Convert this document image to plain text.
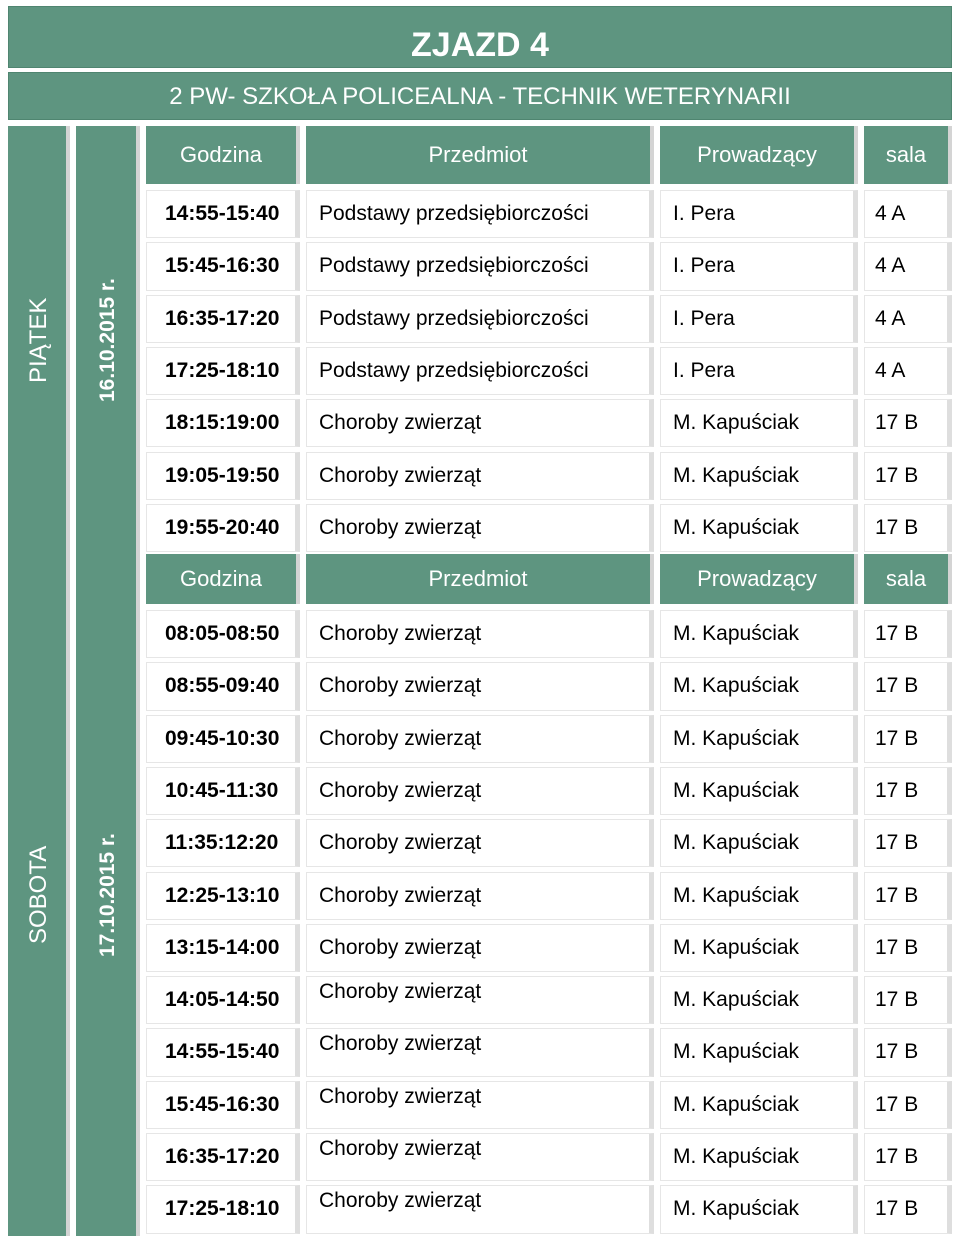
ZJAZD 4
2 PW- SZKOŁA POLICEALNA - TECHNIK WETERYNARII
PIĄTEK 16.10.2015 r.
Godzina	Przedmiot	Prowadzący	sala
14:55-15:40	Podstawy przedsiębiorczości	I. Pera	4 A
15:45-16:30	Podstawy przedsiębiorczości	I. Pera	4 A
16:35-17:20	Podstawy przedsiębiorczości	I. Pera	4 A
17:25-18:10	Podstawy przedsiębiorczości	I. Pera	4 A
18:15:19:00	Choroby zwierząt	M. Kapuściak	17 B
19:05-19:50	Choroby zwierząt	M. Kapuściak	17 B
19:55-20:40	Choroby zwierząt	M. Kapuściak	17 B
SOBOTA 17.10.2015 r.
Godzina	Przedmiot	Prowadzący	sala
08:05-08:50	Choroby zwierząt	M. Kapuściak	17 B
08:55-09:40	Choroby zwierząt	M. Kapuściak	17 B
09:45-10:30	Choroby zwierząt	M. Kapuściak	17 B
10:45-11:30	Choroby zwierząt	M. Kapuściak	17 B
11:35:12:20	Choroby zwierząt	M. Kapuściak	17 B
12:25-13:10	Choroby zwierząt	M. Kapuściak	17 B
13:15-14:00	Choroby zwierząt	M. Kapuściak	17 B
14:05-14:50	Choroby zwierząt	M. Kapuściak	17 B
14:55-15:40	Choroby zwierząt	M. Kapuściak	17 B
15:45-16:30	Choroby zwierząt	M. Kapuściak	17 B
16:35-17:20	Choroby zwierząt	M. Kapuściak	17 B
17:25-18:10	Choroby zwierząt	M. Kapuściak	17 B
